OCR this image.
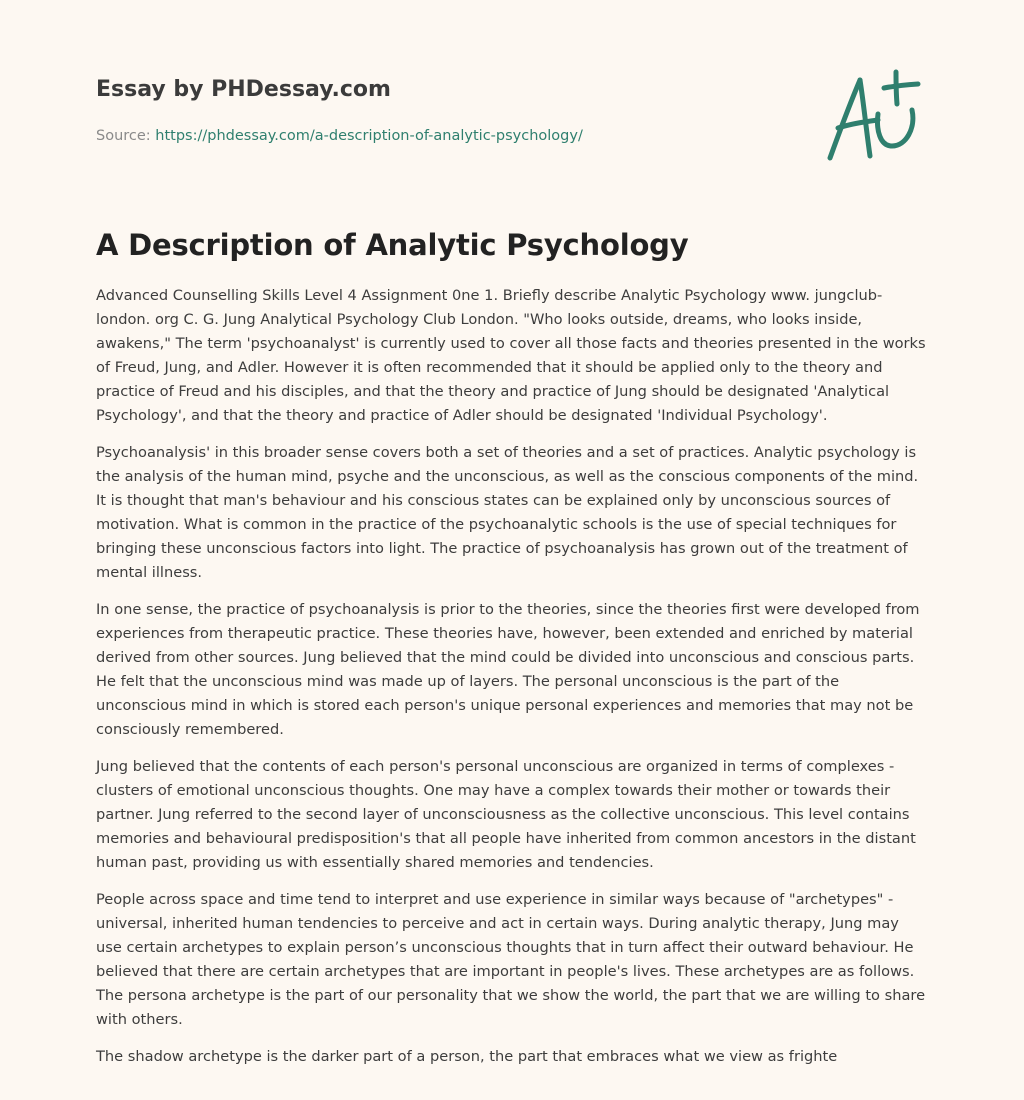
Essay by PHDessay.com
Source: https://phdessay.com/a-description-of-analytic-psychology/
A Description of Analytic Psychology

Advanced Counselling Skills Level 4 Assignment 0ne 1. Briefly describe Analytic Psychology www. jungclub-london. org C. G. Jung Analytical Psychology Club London. "Who looks outside, dreams, who looks inside, awakens," The term 'psychoanalyst' is currently used to cover all those facts and theories presented in the works of Freud, Jung, and Adler. However it is often recommended that it should be applied only to the theory and practice of Freud and his disciples, and that the theory and practice of Jung should be designated 'Analytical Psychology', and that the theory and practice of Adler should be designated 'Individual Psychology'.

Psychoanalysis' in this broader sense covers both a set of theories and a set of practices. Analytic psychology is the analysis of the human mind, psyche and the unconscious, as well as the conscious components of the mind. It is thought that man's behaviour and his conscious states can be explained only by unconscious sources of motivation. What is common in the practice of the psychoanalytic schools is the use of special techniques for bringing these unconscious factors into light. The practice of psychoanalysis has grown out of the treatment of mental illness.

In one sense, the practice of psychoanalysis is prior to the theories, since the theories first were developed from experiences from therapeutic practice. These theories have, however, been extended and enriched by material derived from other sources. Jung believed that the mind could be divided into unconscious and conscious parts. He felt that the unconscious mind was made up of layers. The personal unconscious is the part of the unconscious mind in which is stored each person's unique personal experiences and memories that may not be consciously remembered.

Jung believed that the contents of each person's personal unconscious are organized in terms of complexes - clusters of emotional unconscious thoughts. One may have a complex towards their mother or towards their partner. Jung referred to the second layer of unconsciousness as the collective unconscious. This level contains memories and behavioural predisposition's that all people have inherited from common ancestors in the distant human past, providing us with essentially shared memories and tendencies.

People across space and time tend to interpret and use experience in similar ways because of "archetypes" - universal, inherited human tendencies to perceive and act in certain ways. During analytic therapy, Jung may use certain archetypes to explain person’s unconscious thoughts that in turn affect their outward behaviour. He believed that there are certain archetypes that are important in people's lives. These archetypes are as follows. The persona archetype is the part of our personality that we show the world, the part that we are willing to share with others.

The shadow archetype is the darker part of a person, the part that embraces what we view as frighte
